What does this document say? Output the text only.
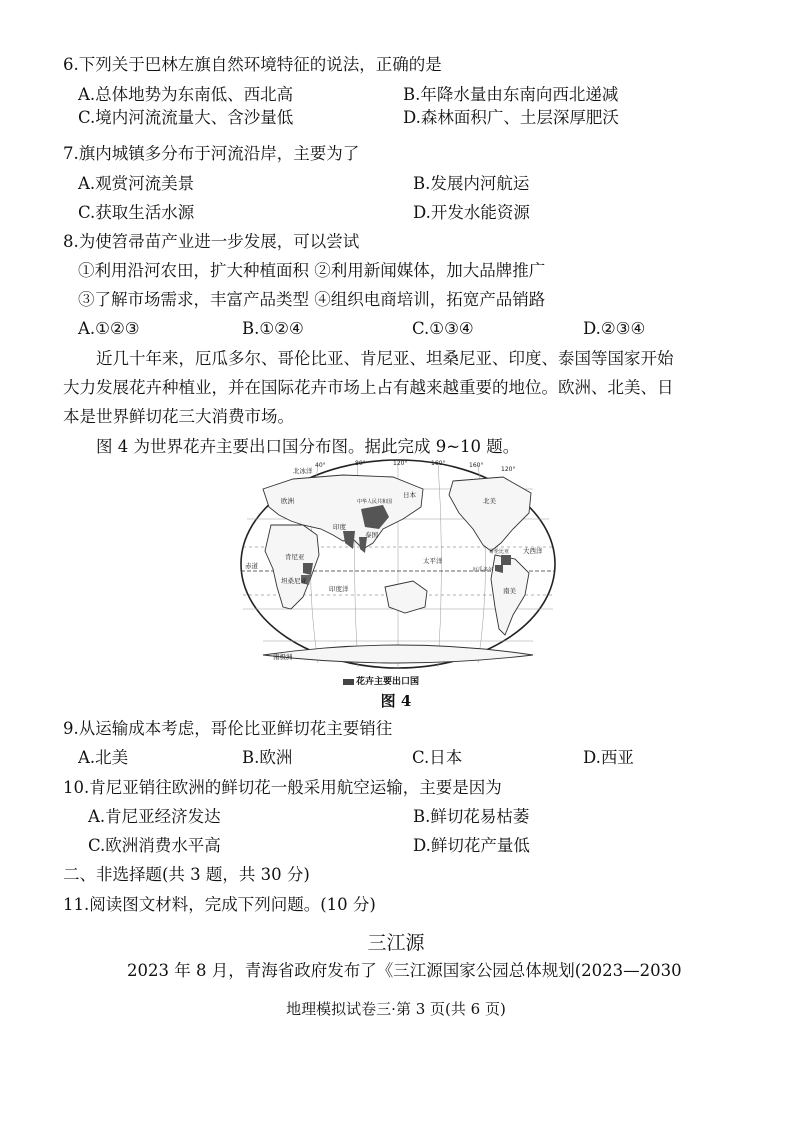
6.下列关于巴林左旗自然环境特征的说法，正确的是
A.总体地势为东南低、西北高	B.年降水量由东南向西北递减
C.境内河流流量大、含沙量低	D.森林面积广、土层深厚肥沃
7.旗内城镇多分布于河流沿岸，主要为了
A.观赏河流美景	B.发展内河航运
C.获取生活水源	D.开发水能资源
8.为使笤帚苗产业进一步发展，可以尝试
①利用沿河农田，扩大种植面积 ②利用新闻媒体，加大品牌推广
③了解市场需求，丰富产品类型 ④组织电商培训，拓宽产品销路
A.①②③	B.①②④	C.①③④	D.②③④
近几十年来，厄瓜多尔、哥伦比亚、肯尼亚、坦桑尼亚、印度、泰国等国家开始
大力发展花卉种植业，并在国际花卉市场上占有越来越重要的地位。欧洲、北美、日
本是世界鲜切花三大消费市场。
图 4 为世界花卉主要出口国分布图。据此完成 9~10 题。
40°	80°	120°	160°	160°
120°
北冰洋
欧洲	中华人民共和国
印度
泰国
肯尼亚
坦桑尼亚
太平洋
印度洋
大西洋
北美
哥伦比亚
厄瓜多尔
赤道
南美
南极洲
日本
花卉主要出口国
图 4
9.从运输成本考虑，哥伦比亚鲜切花主要销往
A.北美	B.欧洲	C.日本	D.西亚
10.肯尼亚销往欧洲的鲜切花一般采用航空运输，主要是因为
A.肯尼亚经济发达	B.鲜切花易枯萎
C.欧洲消费水平高	D.鲜切花产量低
二、非选择题(共 3 题，共 30 分)
11.阅读图文材料，完成下列问题。(10 分)
三江源
2023 年 8 月，青海省政府发布了《三江源国家公园总体规划(2023—2030
地理模拟试卷三·第 3 页(共 6 页)
